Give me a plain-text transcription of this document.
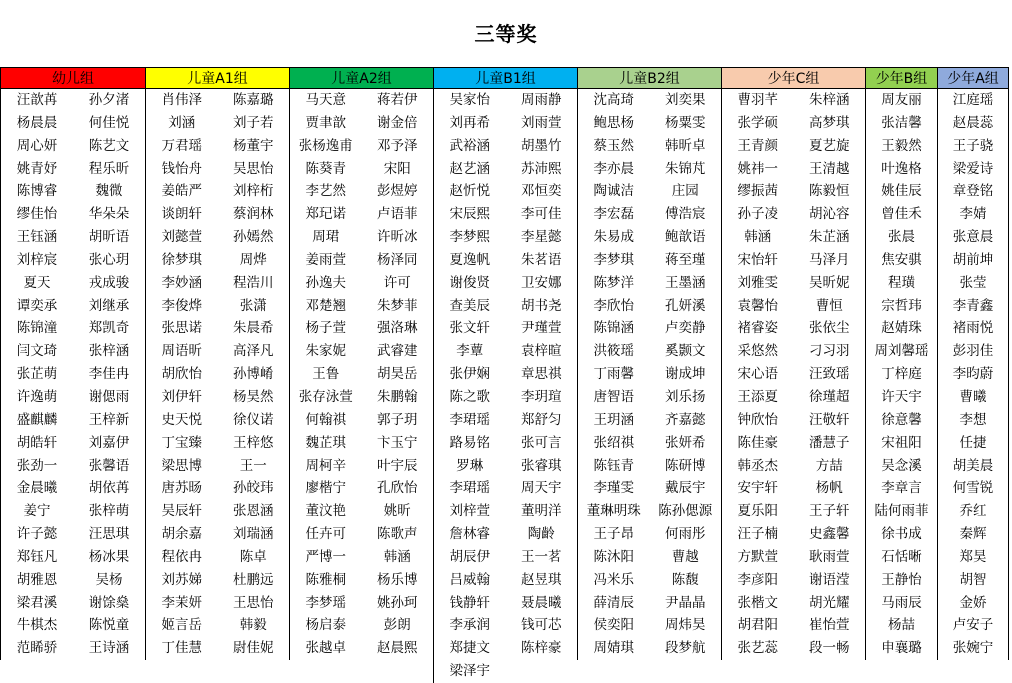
三等奖
幼儿组
汪歆苒
杨晨晨
周心妍
姚青妤
陈博睿
缪佳怡
王钰涵
刘梓宸
夏天
谭奕承
陈锦潼
闫文琦
张芷萌
许逸萌
盛麒麟
胡皓轩
张劲一
金晨曦
姜宁
许子懿
郑钰凡
胡雅恩
梁君溪
牛棋杰
范睎骄
孙夕渚
何佳悦
陈艺文
程乐昕
魏微
华朵朵
胡昕语
张心玥
戎成骏
刘继承
郑凯奇
张梓涵
李佳冉
谢偲雨
王梓新
刘嘉伊
张馨语
胡依苒
张梓萌
汪思琪
杨冰果
吴杨
谢馀燊
陈悦童
王诗涵
儿童A1组
肖伟泽
刘涵
万君瑶
钱怡舟
姜皓严
谈朗轩
刘懿萱
徐梦琪
李妙涵
李俊烨
张思诺
周语昕
胡欣怡
刘伊轩
史天悦
丁宝臻
梁思博
唐苏旸
吴辰轩
胡余嘉
程依冉
刘苏娣
李茉妍
姬言岳
丁佳慧
陈嘉璐
刘子若
杨董宇
吴思怡
刘梓桁
蔡润林
孙嫣然
周烨
程浩川
张潇
朱晨希
高泽凡
孙博崤
杨昊然
徐仪诺
王梓悠
王一
孙皎玮
张恩涵
刘瑞涵
陈卓
杜鹏远
王思怡
韩毅
尉佳妮
儿童A2组
马天意
贾聿歆
张杨逸甫
陈葵青
李艺然
郑玘诺
周珺
姜雨萱
孙逸夫
邓楚翘
杨子萱
朱家妮
王鲁
张存泳萱
何翰祺
魏芷琪
周柯辛
廖楷宁
董汶艳
任卉可
严博一
陈雅桐
李梦瑶
杨启泰
张越卓
蒋若伊
谢金倍
邓予泽
宋阳
彭煜婷
卢语菲
许昕冰
杨泽同
许可
朱梦菲
强洛琳
武睿建
胡昊岳
朱鹏翰
郭子玥
卞玉宁
叶宇辰
孔欣怡
姚昕
陈歌声
韩涵
杨乐博
姚孙珂
彭朗
赵晨熙
儿童B1组
吴家怡
刘再希
武裕涵
赵艺涵
赵忻悦
宋辰熙
李梦熙
夏逸帆
谢俊贤
查美辰
张文轩
李蕈
张伊娴
陈之歌
李珺瑶
路易铭
罗琳
李珺瑶
刘梓萱
詹林睿
胡辰伊
吕威翰
钱静轩
李承润
郑捷文
梁泽宇
周雨静
刘雨萱
胡墨竹
苏沛熙
邓恒奕
李可佳
李星懿
朱茗语
卫安娜
胡书尧
尹瑾萱
袁梓暄
章思祺
李玥瑄
郑舒匀
张可言
张睿琪
周天宇
董明洋
陶齡
王一茗
赵昱琪
聂晨曦
钱可芯
陈梓豪
儿童B2组
沈高琦
鲍思杨
蔡玉然
李亦晨
陶诚洁
李宏磊
朱易成
李梦琪
陈梦洋
李欣怡
陈锦涵
洪筱瑶
丁雨馨
唐智语
王玥涵
张绍祺
陈钰青
李瑾雯
董琳明珠
王子昂
陈沐阳
冯米乐
薛清辰
侯奕阳
周婧琪
刘奕果
杨粟雯
韩昕卓
朱锦芃
庄园
傅浩宸
鲍歆语
蒋至瑾
王墨涵
孔妍溪
卢奕静
奚颢文
谢成坤
刘乐扬
齐嘉懿
张妍希
陈研博
戴辰宇
陈孙偲源
何雨彤
曹越
陈馥
尹晶晶
周炜昊
段梦航
少年C组
曹羽芊
张学硕
王青颜
姚祎一
缪振茜
孙子凌
韩涵
宋怡轩
刘雅雯
袁馨怡
褚睿姿
采悠然
宋心语
王添夏
钟欣怡
陈佳豪
韩丞杰
安宇轩
夏乐阳
汪子楠
方默萱
李彦阳
张楷文
胡君阳
张艺蕊
朱梓涵
高梦琪
夏艺旋
王清越
陈毅恒
胡沁容
朱芷涵
马泽月
吴昕妮
曹恒
张依尘
刁习羽
汪致瑶
徐瑾超
汪敬轩
潘慧子
方喆
杨帆
王子轩
史鑫馨
耿雨萱
谢语滢
胡光耀
崔怡萱
段一畅
少年B组
周友丽
张洁馨
王毅然
叶逸格
姚佳辰
曾佳禾
张晨
焦安骐
程璜
宗哲玮
赵婧珠
周刘馨瑶
丁梓庭
许天宇
徐意馨
宋祖阳
吴念溪
李章言
陆何雨菲
徐书成
石恬晰
王静怡
马雨辰
杨喆
申襄璐
少年A组
江庭瑶
赵晨蕊
王子骁
梁爱诗
章登铭
李婧
张意晨
胡前坤
张莹
李青鑫
褚雨悦
彭羽佳
李昀蔚
曹曦
李想
任捷
胡美晨
何雪锐
乔红
秦辉
郑昊
胡智
金娇
卢安子
张婉宁
